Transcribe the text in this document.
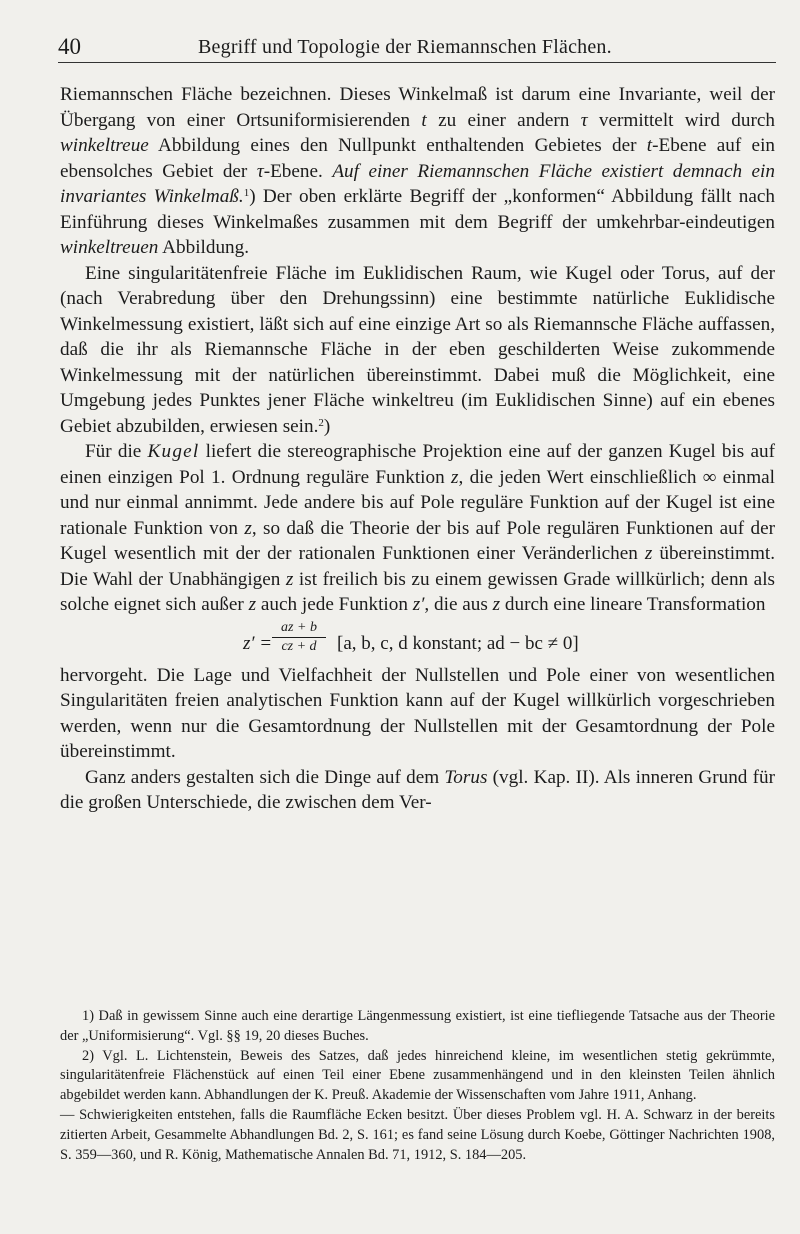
40	Begriff und Topologie der Riemannschen Flächen.

Riemannschen Fläche bezeichnen. Dieses Winkelmaß ist darum eine Invariante, weil der Übergang von einer Ortsuniformisierenden t zu einer andern τ vermittelt wird durch winkeltreue Abbildung eines den Nullpunkt enthaltenden Gebietes der t-Ebene auf ein ebensolches Gebiet der τ-Ebene. Auf einer Riemannschen Fläche existiert demnach ein invariantes Winkelmaß.$^1$) Der oben erklärte Begriff der „konformen“ Abbildung fällt nach Einführung dieses Winkelmaßes zusammen mit dem Begriff der umkehrbar-eindeutigen winkeltreuen Abbildung.

Eine singularitätenfreie Fläche im Euklidischen Raum, wie Kugel oder Torus, auf der (nach Verabredung über den Drehungssinn) eine bestimmte natürliche Euklidische Winkelmessung existiert, läßt sich auf eine einzige Art so als Riemannsche Fläche auffassen, daß die ihr als Riemannsche Fläche in der eben geschilderten Weise zukommende Winkelmessung mit der natürlichen übereinstimmt. Dabei muß die Möglichkeit, eine Umgebung jedes Punktes jener Fläche winkeltreu (im Euklidischen Sinne) auf ein ebenes Gebiet abzubilden, erwiesen sein.$^2$)

Für die Kugel liefert die stereographische Projektion eine auf der ganzen Kugel bis auf einen einzigen Pol 1. Ordnung reguläre Funktion z, die jeden Wert einschließlich ∞ einmal und nur einmal annimmt. Jede andere bis auf Pole reguläre Funktion auf der Kugel ist eine rationale Funktion von z, so daß die Theorie der bis auf Pole regulären Funktionen auf der Kugel wesentlich mit der der rationalen Funktionen einer Veränderlichen z übereinstimmt. Die Wahl der Unabhängigen z ist freilich bis zu einem gewissen Grade willkürlich; denn als solche eignet sich außer z auch jede Funktion z′, die aus z durch eine lineare Transformation

z′ =
az + b
cz + d	[a, b, c, d konstant; ad − bc ≠ 0]

hervorgeht. Die Lage und Vielfachheit der Nullstellen und Pole einer von wesentlichen Singularitäten freien analytischen Funktion kann auf der Kugel willkürlich vorgeschrieben werden, wenn nur die Gesamtordnung der Nullstellen mit der Gesamtordnung der Pole übereinstimmt.

Ganz anders gestalten sich die Dinge auf dem Torus (vgl. Kap. II). Als inneren Grund für die großen Unterschiede, die zwischen dem Ver-

1) Daß in gewissem Sinne auch eine derartige Längenmessung existiert, ist eine tiefliegende Tatsache aus der Theorie der „Uniformisierung“. Vgl. §§ 19, 20 dieses Buches.

2) Vgl. L. Lichtenstein, Beweis des Satzes, daß jedes hinreichend kleine, im wesentlichen stetig gekrümmte, singularitätenfreie Flächenstück auf einen Teil einer Ebene zusammenhängend und in den kleinsten Teilen ähnlich abgebildet werden kann. Abhandlungen der K. Preuß. Akademie der Wissenschaften vom Jahre 1911, Anhang.

— Schwierigkeiten entstehen, falls die Raumfläche Ecken besitzt. Über dieses Problem vgl. H. A. Schwarz in der bereits zitierten Arbeit, Gesammelte Abhandlungen Bd. 2, S. 161; es fand seine Lösung durch Koebe, Göttinger Nachrichten 1908, S. 359—360, und R. König, Mathematische Annalen Bd. 71, 1912, S. 184—205.
